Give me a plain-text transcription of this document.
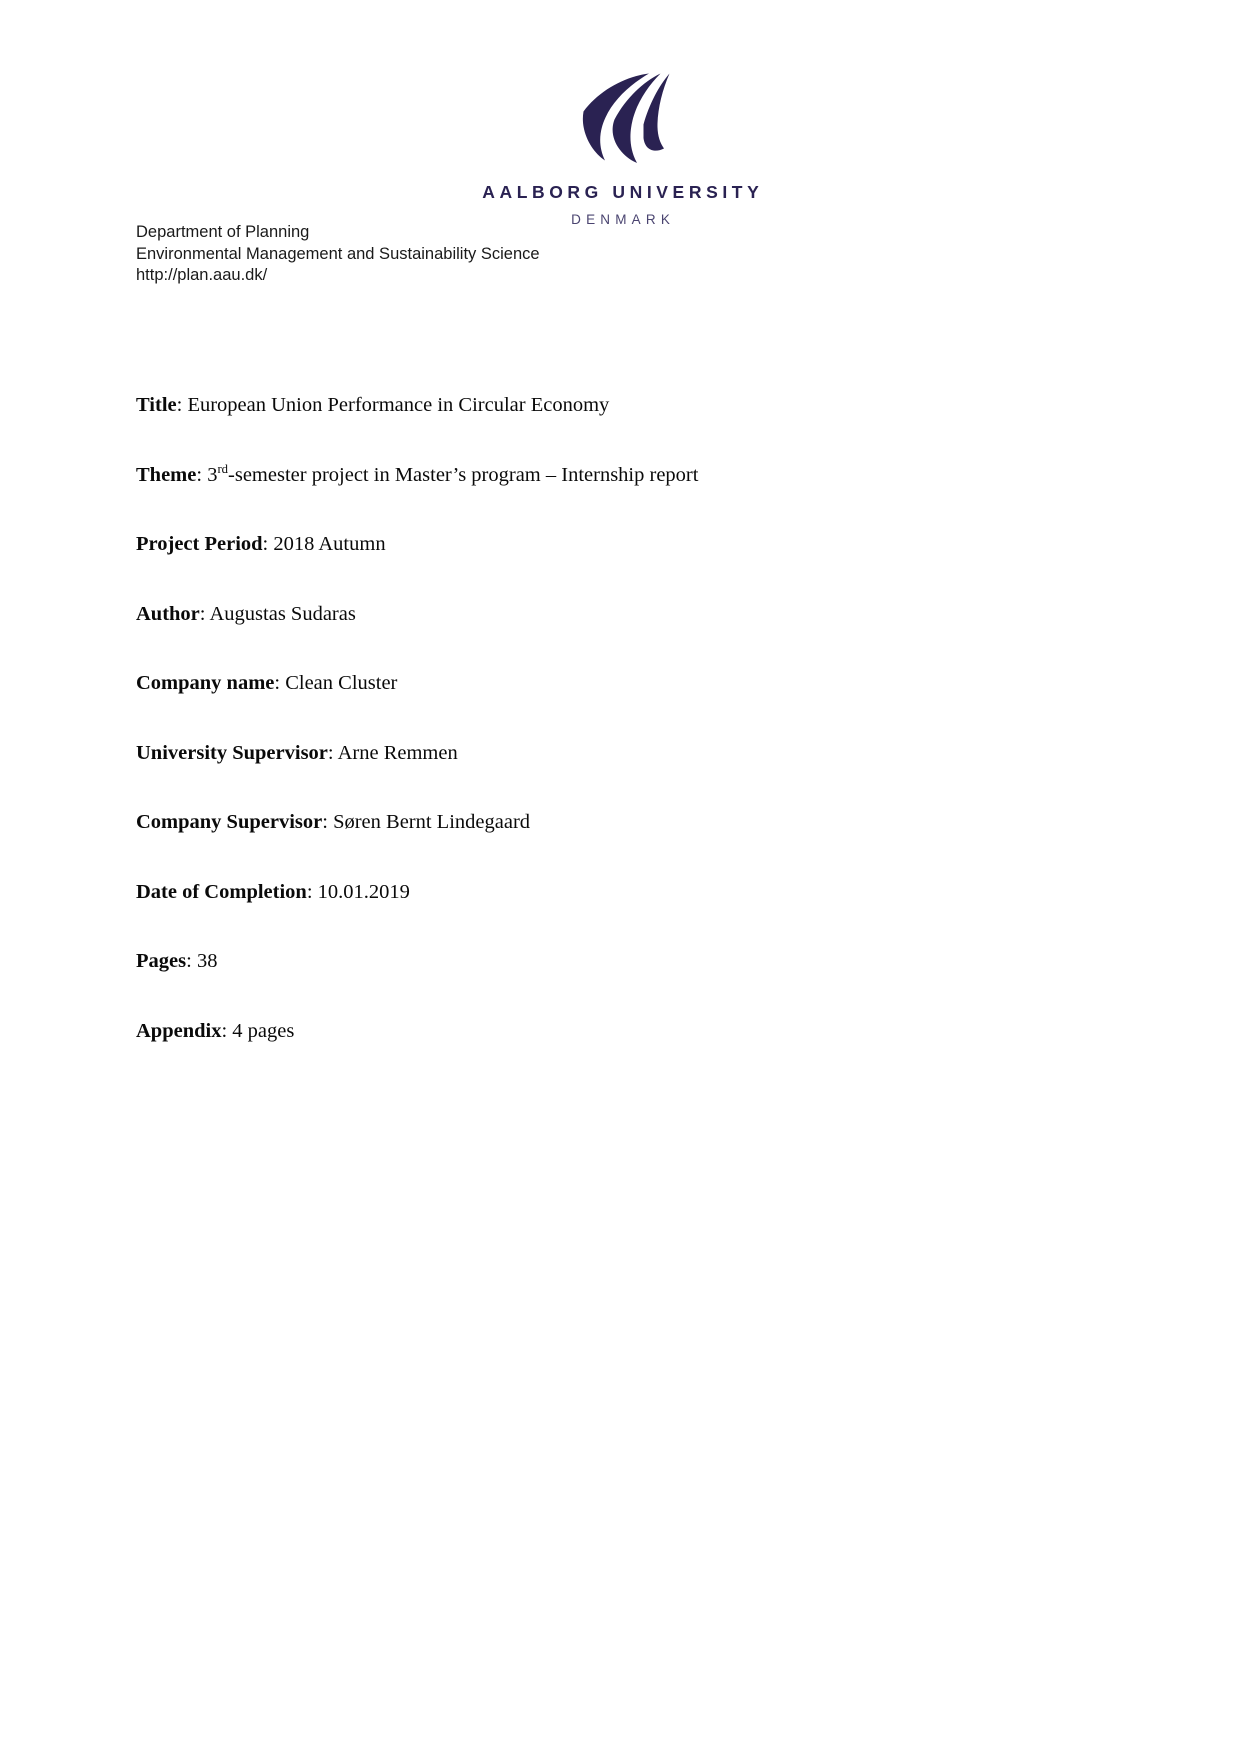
AALBORG UNIVERSITY
DENMARK
Department of Planning
Environmental Management and Sustainability Science
http://plan.aau.dk/
Title: European Union Performance in Circular Economy
Theme: 3rd-semester project in Master’s program – Internship report
Project Period: 2018 Autumn
Author: Augustas Sudaras
Company name: Clean Cluster
University Supervisor: Arne Remmen
Company Supervisor: Søren Bernt Lindegaard
Date of Completion: 10.01.2019
Pages: 38
Appendix: 4 pages
